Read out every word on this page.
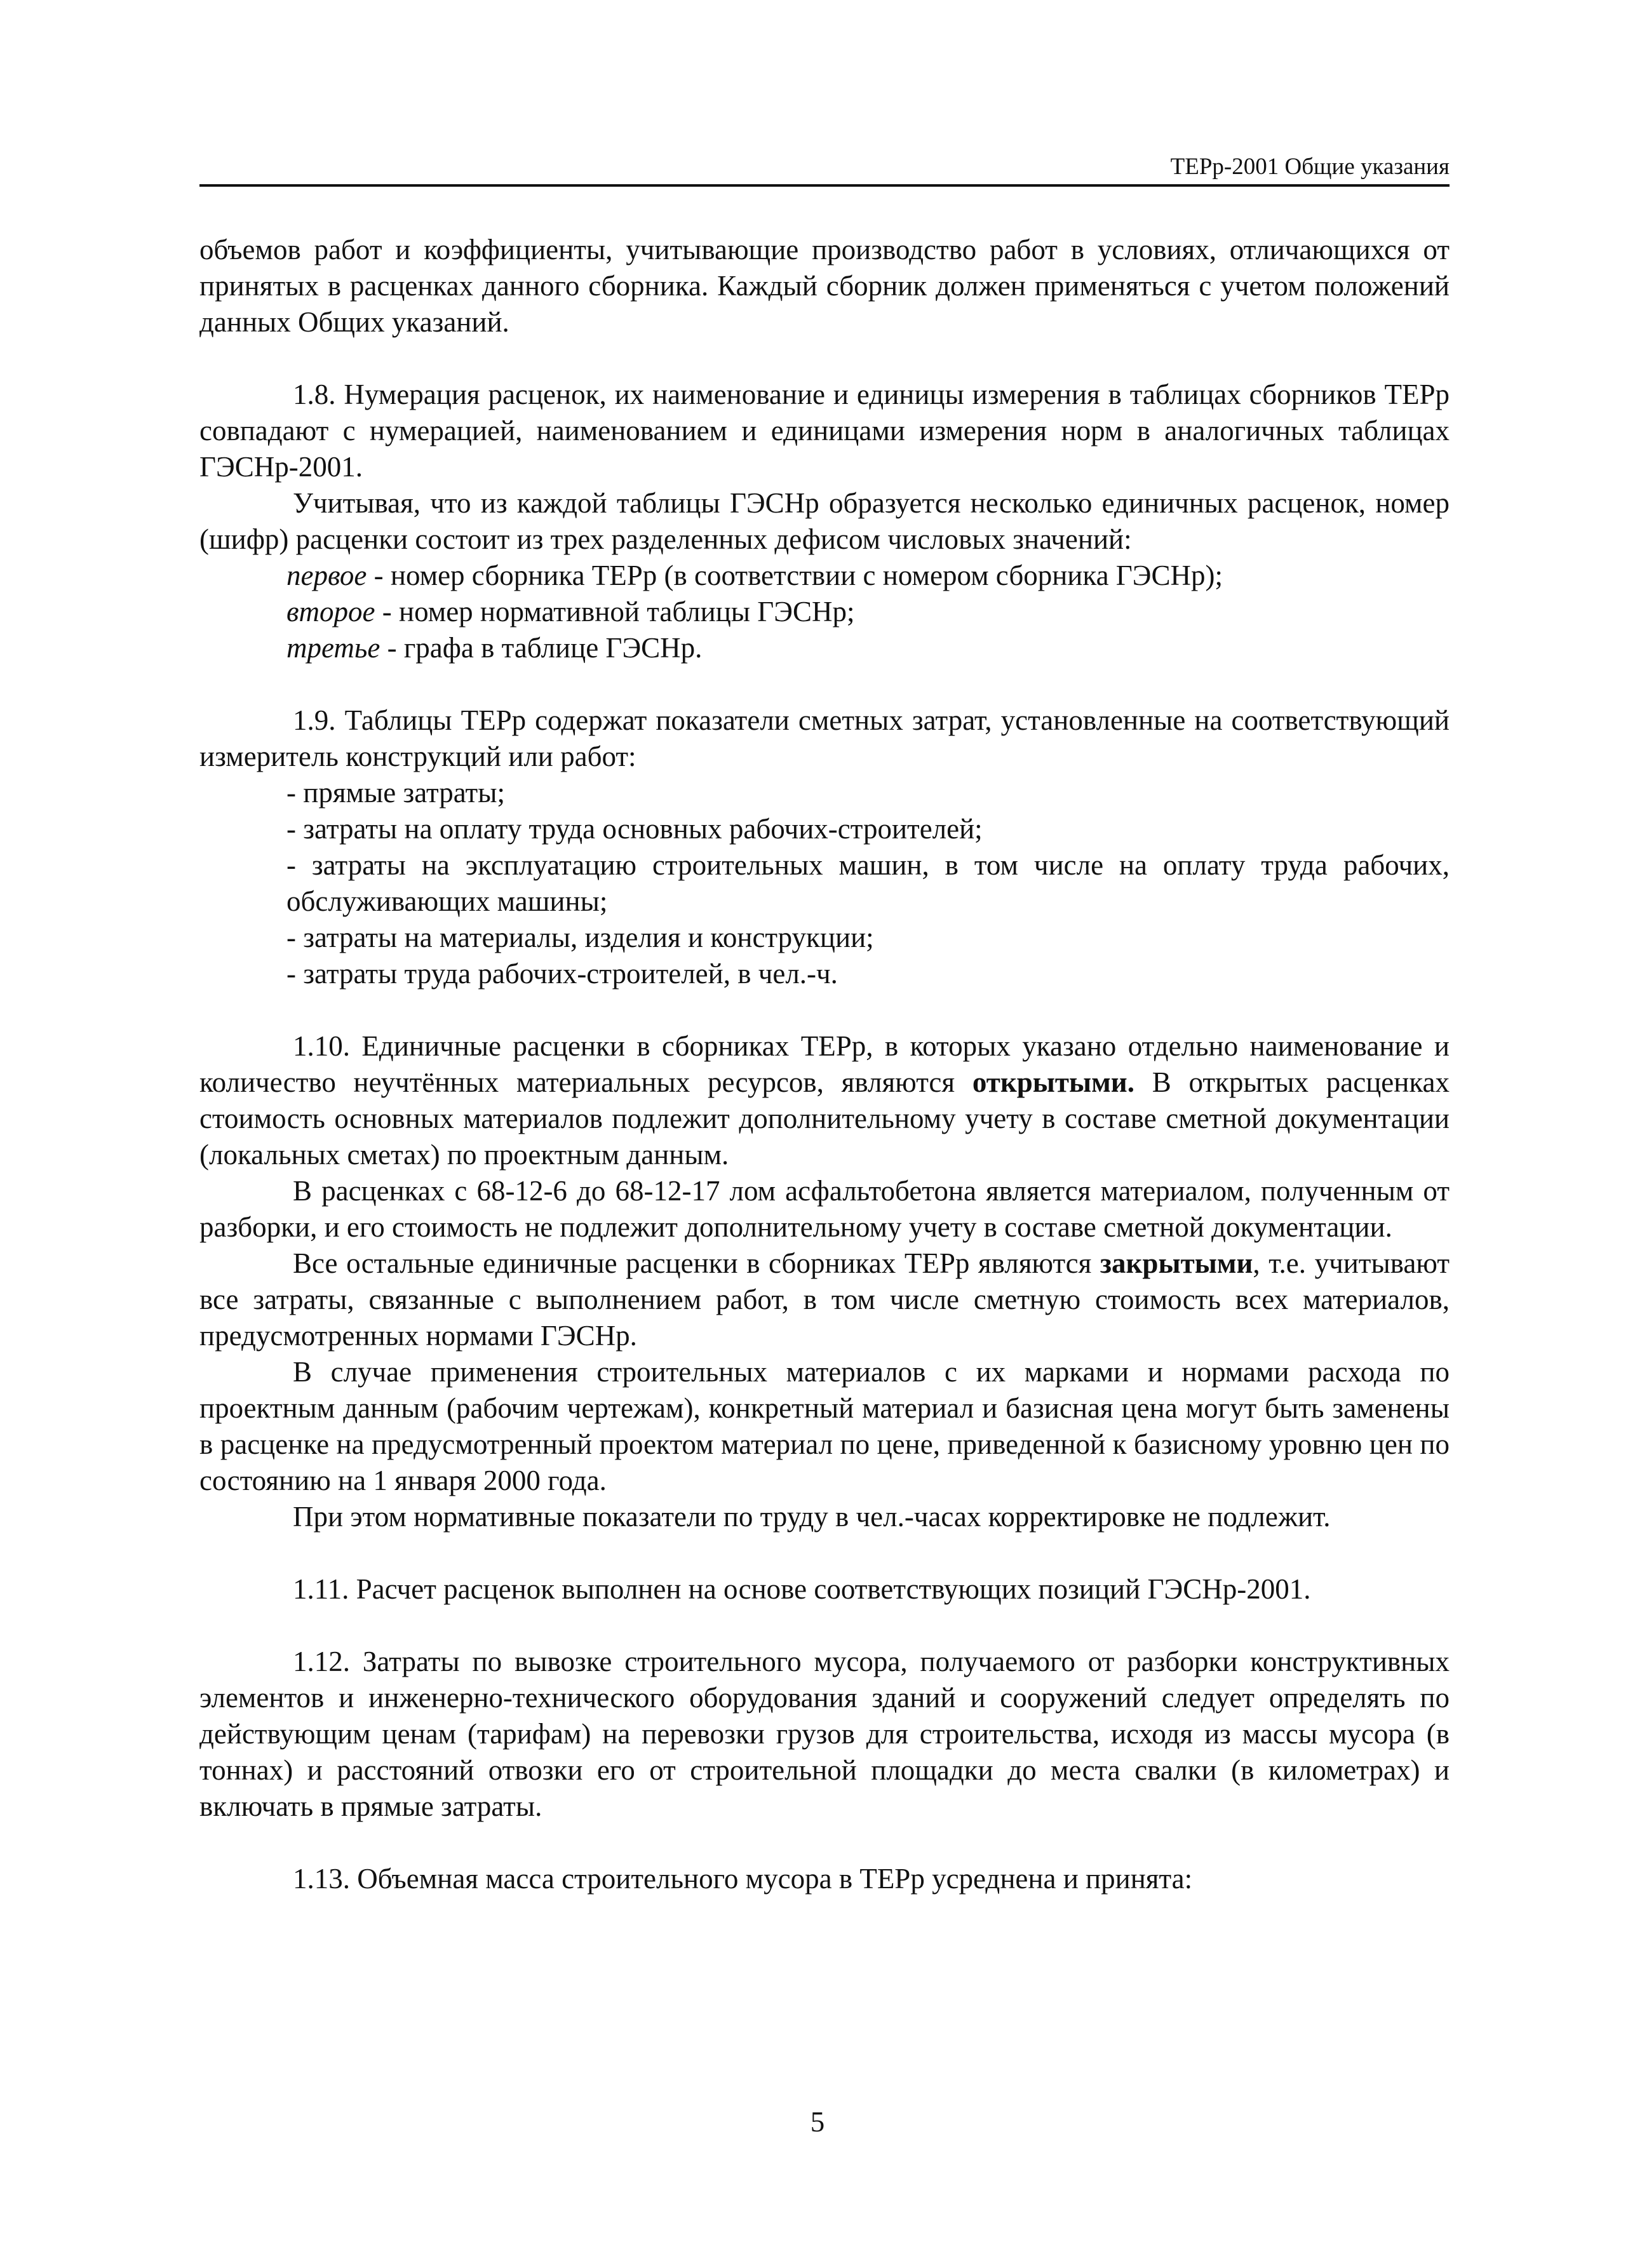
ТЕРр-2001 Общие указания

объемов работ и коэффициенты, учитывающие производство работ в условиях, отличающихся от принятых в расценках данного сборника. Каждый сборник должен применяться с учетом положений данных Общих указаний.

1.8. Нумерация расценок, их наименование и единицы измерения в таблицах сборников ТЕРр совпадают с нумерацией, наименованием и единицами измерения норм в аналогичных таблицах ГЭСНр-2001.

Учитывая, что из каждой таблицы ГЭСНр образуется несколько единичных расценок, номер (шифр) расценки состоит из трех разделенных дефисом числовых значений:

первое - номер сборника ТЕРр (в соответствии с номером сборника ГЭСНр);

второе - номер нормативной таблицы ГЭСНр;

третье - графа в таблице ГЭСНр.

1.9. Таблицы ТЕРр содержат показатели сметных затрат, установленные на соответствующий измеритель конструкций или работ:

- прямые затраты;

- затраты на оплату труда основных рабочих-строителей;

- затраты на эксплуатацию строительных машин, в том числе на оплату труда рабочих, обслуживающих машины;

- затраты на материалы, изделия и конструкции;

- затраты труда рабочих-строителей, в чел.-ч.

1.10. Единичные расценки в сборниках ТЕРр, в которых указано отдельно наименование и количество неучтённых материальных ресурсов, являются открытыми. В открытых расценках стоимость основных материалов подлежит дополнительному учету в составе сметной документации (локальных сметах) по проектным данным.

В расценках с 68-12-6 до 68-12-17 лом асфальтобетона является материалом, полученным от разборки, и его стоимость не подлежит дополнительному учету в составе сметной документации.

Все остальные единичные расценки в сборниках ТЕРр являются закрытыми, т.е. учитывают все затраты, связанные с выполнением работ, в том числе сметную стоимость всех материалов, предусмотренных нормами ГЭСНр.

В случае применения строительных материалов с их марками и нормами расхода по проектным данным (рабочим чертежам), конкретный материал и базисная цена могут быть заменены в расценке на предусмотренный проектом материал по цене, приведенной к базисному уровню цен по состоянию на 1 января 2000 года.

При этом нормативные показатели по труду в чел.-часах корректировке не подлежит.

1.11. Расчет расценок выполнен на основе соответствующих позиций ГЭСНр-2001.

1.12. Затраты по вывозке строительного мусора, получаемого от разборки конструктивных элементов и инженерно-технического оборудования зданий и сооружений следует определять по действующим ценам (тарифам) на перевозки грузов для строительства, исходя из массы мусора (в тоннах) и расстояний отвозки его от строительной площадки до места свалки (в километрах) и включать в прямые затраты.

1.13. Объемная масса строительного мусора в ТЕРр усреднена и принята:

5
